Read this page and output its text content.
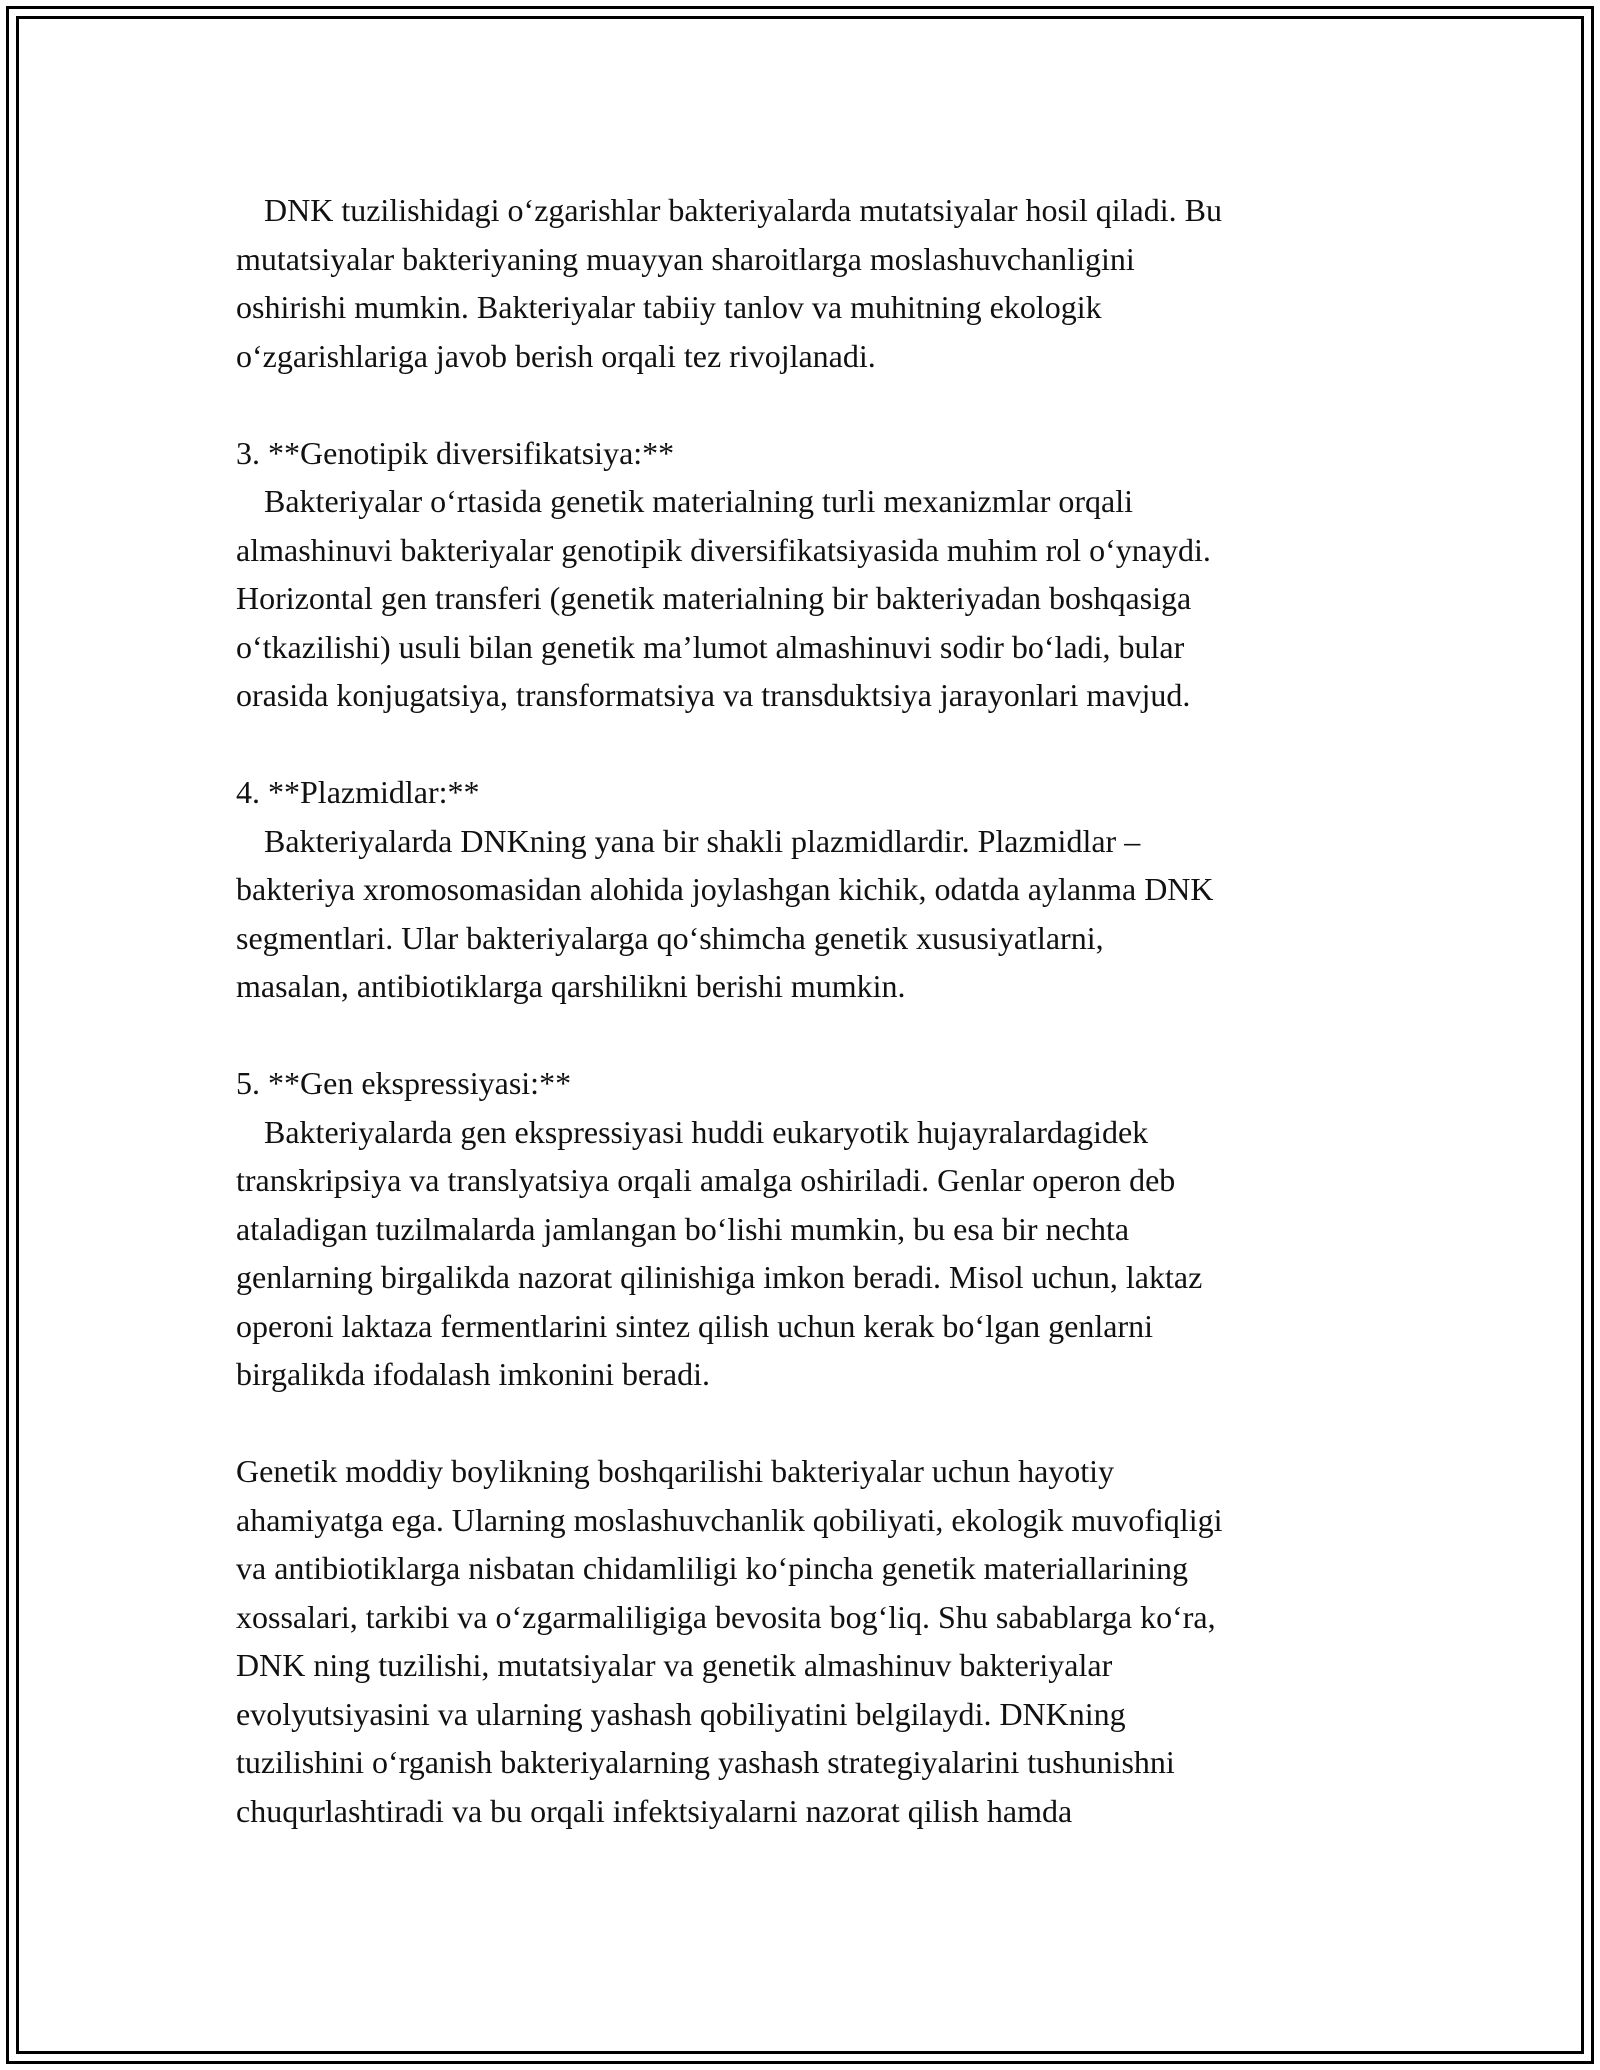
DNK tuzilishidagi oʻzgarishlar bakteriyalarda mutatsiyalar hosil qiladi. Bu
mutatsiyalar bakteriyaning muayyan sharoitlarga moslashuvchanligini
oshirishi mumkin. Bakteriyalar tabiiy tanlov va muhitning ekologik
oʻzgarishlariga javob berish orqali tez rivojlanadi.

3. **Genotipik diversifikatsiya:**

Bakteriyalar oʻrtasida genetik materialning turli mexanizmlar orqali
almashinuvi bakteriyalar genotipik diversifikatsiyasida muhim rol oʻynaydi.
Horizontal gen transferi (genetik materialning bir bakteriyadan boshqasiga
oʻtkazilishi) usuli bilan genetik maʼlumot almashinuvi sodir boʻladi, bular
orasida konjugatsiya, transformatsiya va transduktsiya jarayonlari mavjud.

4. **Plazmidlar:**

Bakteriyalarda DNKning yana bir shakli plazmidlardir. Plazmidlar –
bakteriya xromosomasidan alohida joylashgan kichik, odatda aylanma DNK
segmentlari. Ular bakteriyalarga qoʻshimcha genetik xususiyatlarni,
masalan, antibiotiklarga qarshilikni berishi mumkin.

5. **Gen ekspressiyasi:**

Bakteriyalarda gen ekspressiyasi huddi eukaryotik hujayralardagidek
transkripsiya va translyatsiya orqali amalga oshiriladi. Genlar operon deb
ataladigan tuzilmalarda jamlangan boʻlishi mumkin, bu esa bir nechta
genlarning birgalikda nazorat qilinishiga imkon beradi. Misol uchun, laktaz
operoni laktaza fermentlarini sintez qilish uchun kerak boʻlgan genlarni
birgalikda ifodalash imkonini beradi.

Genetik moddiy boylikning boshqarilishi bakteriyalar uchun hayotiy
ahamiyatga ega. Ularning moslashuvchanlik qobiliyati, ekologik muvofiqligi
va antibiotiklarga nisbatan chidamliligi koʻpincha genetik materiallarining
xossalari, tarkibi va oʻzgarmaliligiga bevosita bogʻliq. Shu sabablarga koʻra,
DNK ning tuzilishi, mutatsiyalar va genetik almashinuv bakteriyalar
evolyutsiyasini va ularning yashash qobiliyatini belgilaydi. DNKning
tuzilishini oʻrganish bakteriyalarning yashash strategiyalarini tushunishni
chuqurlashtiradi va bu orqali infektsiyalarni nazorat qilish hamda
